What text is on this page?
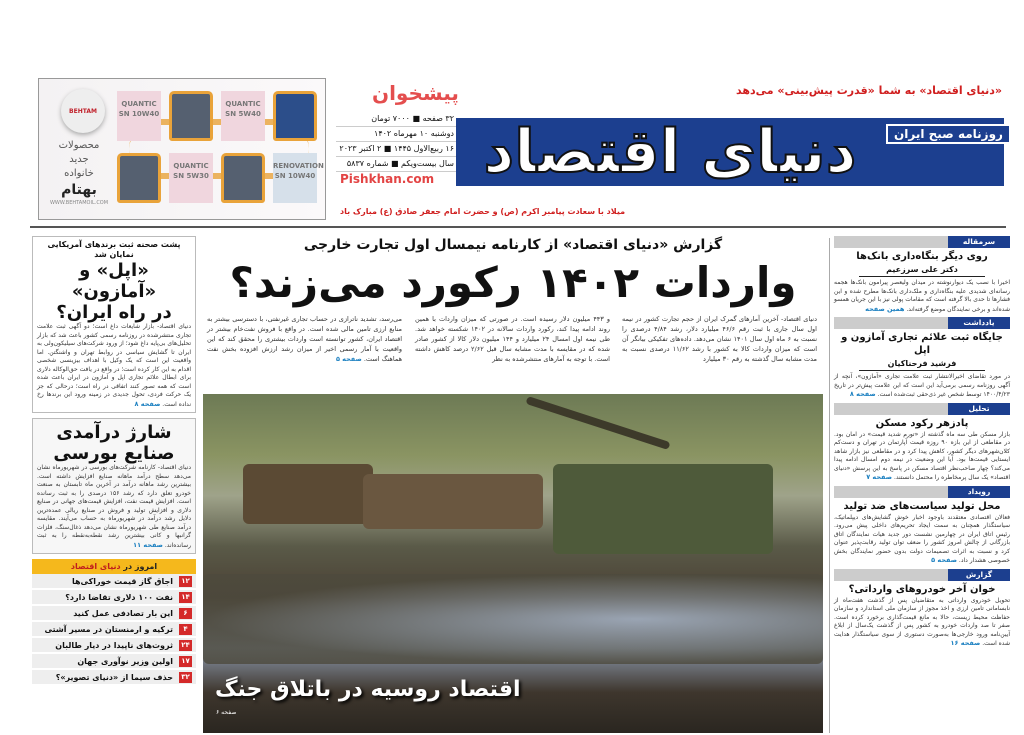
BEHTAM
محصولات
جدید
خانواده
بهتام
WWW.BEHTAMOIL.COM
QUANTIC SN 10W40
QUANTIC SN 5W30
QUANTIC SN 5W40
RENOVATION SN 10W40
۳۲ صفحه ■ ۷۰۰۰ تومان
دوشنبه ۱۰ مهرماه ۱۴۰۲
۱۶ ربیع‌الاول ۱۴۴۵ ■ ۲ اکتبر ۲۰۲۳
سال بیست‌ویکم ■ شماره ۵۸۳۷
پیشخوان
Pishkhan.com دنیای اقتصاد	روزنامه صبح ایران
«دنیای اقتصاد» به شما «قدرت پیش‌بینی» می‌دهد
میلاد با سعادت پیامبر اکرم (ص) و حضرت امام جعفر صادق (ع) مبارک باد
پشت صحنه ثبت برندهای آمریکایی نمایان شد
«اپل» و «آمازون»
در راه ایران؟
دنیای اقتصاد- بازار شایعات داغ است؛ دو آگهی ثبت علامت تجاری منتشرشده در روزنامه رسمی کشور باعث شد که بازار تحلیل‌های بی‌پایه داغ شود؛ از ورود شرکت‌های سیلیکون‌ولی به ایران تا گشایش سیاسی در روابط تهران و واشنگتن. اما واقعیت این است که یک وکیل با اهداف بیزینسی شخصی اقدام به این کار کرده است؛ در واقع در یافت حق‌الوکاله دلاری برای ابطال علائم تجاری اپل و آمازون در ایران باعث شده است که همه تصور کنند اتفاقی در راه است؛ درحالی که جز یک حرکت فردی، تحول جدیدی در زمینه ورود این برندها رخ نداده است. صفحه ۸
شارژ درآمدی
صنایع بورسی
دنیای اقتصاد- کارنامه شرکت‌های بورسی در شهریورماه نشان می‌دهد سطح درآمد ماهانه صنایع افزایش داشته است. بیشترین رشد ماهانه درآمد در آخرین ماه تابستان به صنعت خودرو تعلق دارد که رشد ۱۵۶ درصدی را به ثبت رسانده است. افزایش قیمت نفت، افزایش قیمت‌های جهانی در صنایع دلاری و افزایش تولید و فروش در صنایع ریالی عمده‌ترین دلایل رشد درآمد در شهریورماه به حساب می‌آیند. مقایسه درآمد صنایع طی شهریورماه نشان می‌دهد ذغال‌سنگ، فلزات گرانبها و کانی بیشترین رشد نقطه‌به‌نقطه را به ثبت رسانده‌اند. صفحه ۱۱
امروز در دنیای اقتصاد
۱۲
اجاق گاز قیمت خوراکی‌ها
۱۴
نفت ۱۰۰ دلاری تقاضا دارد؟
۶
این بار تصادفی عمل کنید
۴
ترکیه و ارمنستان در مسیر آشتی
۲۴
ثروت‌های ناپیدا در دیار طالبان
۱۷
اولین وزیر نوآوری جهان
۳۲
حذف سیما از «دنیای تصویر»؟
گزارش «دنیای اقتصاد» از کارنامه نیمسال اول تجارت خارجی
واردات ۱۴۰۲ رکورد می‌زند؟
دنیای اقتصاد- آخرین آمارهای گمرک ایران از حجم تجارت کشور در نیمه اول سال جاری با ثبت رقم ۴۶/۶ میلیارد دلار، رشد ۴/۸۴ درصدی را نسبت به ۶ ماه اول سال ۱۴۰۱ نشان می‌دهد. داده‌های تفکیکی بیانگر آن است که میزان واردات کالا به کشور با رشد ۱۱/۶۲ درصدی نسبت به مدت مشابه سال گذشته به رقم ۳۰ میلیارد
و ۴۴۳ میلیون دلار رسیده است. در صورتی که میزان واردات با همین روند ادامه پیدا کند، رکورد واردات سالانه در ۱۴۰۲ شکسته خواهد شد. طی نیمه اول امسال ۲۴ میلیارد و ۱۴۴ میلیون دلار کالا از کشور صادر شده که در مقایسه با مدت مشابه سال قبل ۲/۶۲ درصد کاهش داشته است. با توجه به آمارهای منتشرشده به نظر
می‌رسد، تشدید ناترازی در حساب تجاری غیرنفتی، با دسترسی بیشتر به منابع ارزی تامین مالی شده است. در واقع با فروش نفت‌خام بیشتر در اقتصاد ایران، کشور توانسته است واردات بیشتری را محقق کند که این واقعیت با آمار رسمی اخیر از میزان رشد ارزش افزوده بخش نفت هماهنگ است. صفحه ۵
اقتصاد روسیه در باتلاق جنگ
صفحه ۶
سرمقاله
روی دیگر بنگاه‌داری بانک‌ها
دکتر علی سرزعیم
اخیرا با نصب یک دیوارنوشته در میدان ولیعصر پیرامون بانک‌ها هجمه رسانه‌ای شدیدی علیه بنگاه‌داری و ملک‌داری بانک‌ها مطرح شده و این فشارها تا حدی بالا گرفته است که مقامات پولی نیز با این جریان همسو شده‌اند و برخی نمایندگان موضع گرفته‌اند. همین صفحه
یادداشت
جایگاه ثبت علائم تجاری آمازون و اپل
فرشید فرحناکیان
در مورد تقاضای اخیرالانتشار ثبت علامت تجاری «آمازون»، آنچه از آگهی روزنامه رسمی برمی‌آید این است که این علامت پیش‌تر در تاریخ ۱۴۰۰/۴/۲۳ توسط شخص غیر ذی‌حقی ثبت‌شده است. صفحه ۸
تحلیل
پادزهر رکود مسکن
بازار مسکن طی سه ماه گذشته از «تورم شدید قیمت» در امان بود. در مقاطعی از این بازه ۹۰ روزه قیمت آپارتمان در تهران و دست‌کم کلان‌شهرهای دیگر کشور، کاهش پیدا کرد و در مقاطعی نیز بازار شاهد ایستایی قیمت‌ها بود. آیا این وضعیت در نیمه دوم امسال ادامه پیدا می‌کند؟ چهار صاحب‌نظر اقتصاد مسکن در پاسخ به این پرسش «دنیای اقتصاد» یک سال پرمخاطره را محتمل دانستند. صفحه ۷
رویداد
محل تولید سیاست‌های ضد تولید
فعالان اقتصادی معتقدند باوجود اخبار خوش گشایش‌های دیپلماتیک، سیاستگذار همچنان به سمت ایجاد تحریم‌های داخلی پیش می‌رود. رئیس اتاق ایران در چهارمین نشست دور جدید هیات نمایندگان اتاق بازرگانی از چالش امروز کشور را ضعف توان تولید رقابت‌پذیر عنوان کرد و نسبت به اثرات تصمیمات دولت بدون حضور نمایندگان بخش خصوصی هشدار داد. صفحه ۵
گزارش
خوان آخر خودروهای وارداتی؟
تحویل خودروی وارداتی به متقاضیان پس از گذشت هفت‌ماه از نابسامانی تامین ارزی و اخذ مجوز از سازمان ملی استاندارد و سازمان حفاظت محیط زیست، حالا به مانع قیمت‌گذاری برخورد کرده است. صفر تا صد واردات خودرو به کشور پس از گذشت یک‌سال از ابلاغ آیین‌نامه ورود خارجی‌ها به‌صورت دستوری از سوی سیاستگذار هدایت شده است. صفحه ۱۶
